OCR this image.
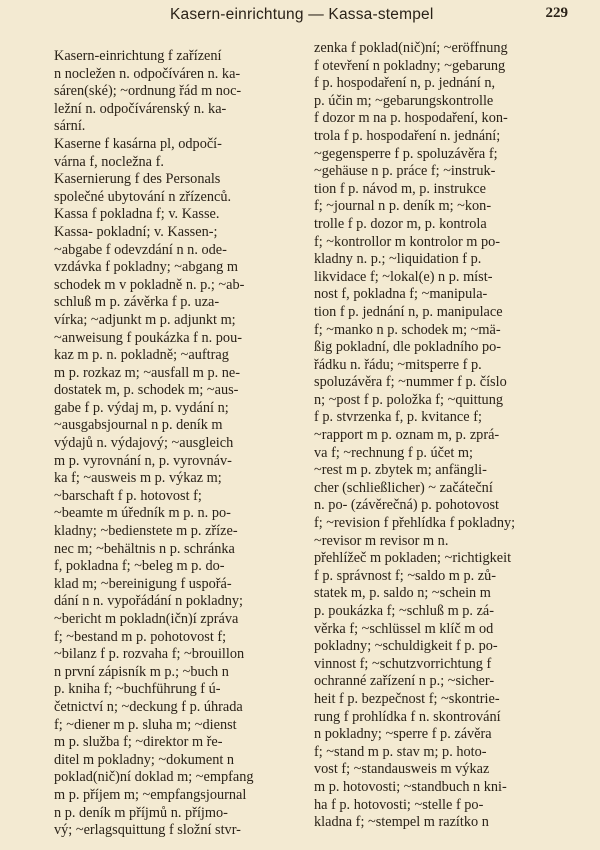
Kasern-einrichtung — Kassa-stempel	229
Kasern-einrichtung f zařízení
n nocležen n. odpočíváren n. ka-
sáren(ské); ~ordnung řád m noc-
ležní n. odpočívárenský n. ka-
sární.
Kaserne f kasárna pl, odpočí-
várna f, nocležna f.
Kasernierung f des Personals
společné ubytování n zřízenců.
Kassa f pokladna f; v. Kasse.
Kassa- pokladní; v. Kassen-;
~abgabe f odevzdání n n. ode-
vzdávka f pokladny; ~abgang m
schodek m v pokladně n. p.; ~ab-
schluß m p. závěrka f p. uza-
vírka; ~adjunkt m p. adjunkt m;
~anweisung f poukázka f n. pou-
kaz m p. n. pokladně; ~auftrag
m p. rozkaz m; ~ausfall m p. ne-
dostatek m, p. schodek m; ~aus-
gabe f p. výdaj m, p. vydání n;
~ausgabsjournal n p. deník m
výdajů n. výdajový; ~ausgleich
m p. vyrovnání n, p. vyrovnáv-
ka f; ~ausweis m p. výkaz m;
~barschaft f p. hotovost f;
~beamte m úředník m p. n. po-
kladny; ~bedienstete m p. zříze-
nec m; ~behältnis n p. schránka
f, pokladna f; ~beleg m p. do-
klad m; ~bereinigung f uspořá-
dání n n. vypořádání n pokladny;
~bericht m pokladn(ičn)í zpráva
f; ~bestand m p. pohotovost f;
~bilanz f p. rozvaha f; ~brouillon
n první zápisník m p.; ~buch n
p. kniha f; ~buchführung f ú-
četnictví n; ~deckung f p. úhrada
f; ~diener m p. sluha m; ~dienst
m p. služba f; ~direktor m ře-
ditel m pokladny; ~dokument n
poklad(nič)ní doklad m; ~empfang
m p. příjem m; ~empfangsjournal
n p. deník m příjmů n. příjmo-
vý; ~erlagsquittung f složní stvr-
zenka f poklad(nič)ní; ~eröffnung
f otevření n pokladny; ~gebarung
f p. hospodaření n, p. jednání n,
p. účin m; ~gebarungskontrolle
f dozor m na p. hospodaření, kon-
trola f p. hospodaření n. jednání;
~gegensperre f p. spoluzávěra f;
~gehäuse n p. práce f; ~instruk-
tion f p. návod m, p. instrukce
f; ~journal n p. deník m; ~kon-
trolle f p. dozor m, p. kontrola
f; ~kontrollor m kontrolor m po-
kladny n. p.; ~liquidation f p.
likvidace f; ~lokal(e) n p. míst-
nost f, pokladna f; ~manipula-
tion f p. jednání n, p. manipulace
f; ~manko n p. schodek m; ~mä-
ßig pokladní, dle pokladního po-
řádku n. řádu; ~mitsperre f p.
spoluzávěra f; ~nummer f p. číslo
n; ~post f p. položka f; ~quittung
f p. stvrzenka f, p. kvitance f;
~rapport m p. oznam m, p. zprá-
va f; ~rechnung f p. účet m;
~rest m p. zbytek m; anfängli-
cher (schließlicher) ~ začáteční
n. po- (závěrečná) p. pohotovost
f; ~revision f přehlídka f pokladny;
~revisor m revisor m n.
přehlížeč m pokladen; ~richtigkeit
f p. správnost f; ~saldo m p. zů-
statek m, p. saldo n; ~schein m
p. poukázka f; ~schluß m p. zá-
věrka f; ~schlüssel m klíč m od
pokladny; ~schuldigkeit f p. po-
vinnost f; ~schutzvorrichtung f
ochranné zařízení n p.; ~sicher-
heit f p. bezpečnost f; ~skontrie-
rung f prohlídka f n. skontrování
n pokladny; ~sperre f p. závěra
f; ~stand m p. stav m; p. hoto-
vost f; ~standausweis m výkaz
m p. hotovosti; ~standbuch n kni-
ha f p. hotovosti; ~stelle f po-
kladna f; ~stempel m razítko n
